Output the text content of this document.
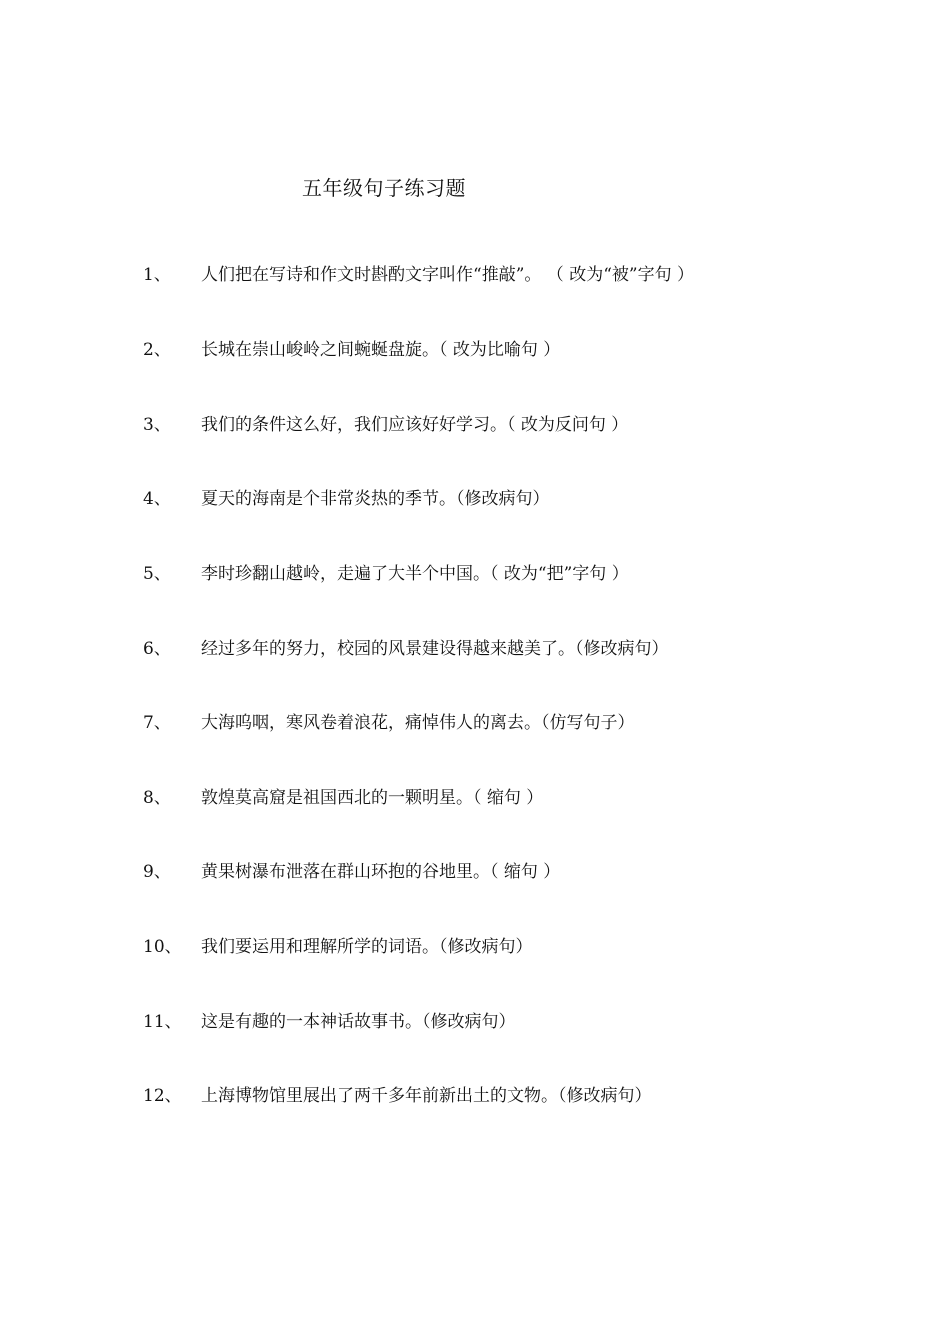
五年级句子练习题
1、 人们把在写诗和作文时斟酌文字叫作“推敲”。 （ 改为“被”字句 ）
2、 长城在崇山峻岭之间蜿蜒盘旋。（ 改为比喻句 ）
3、 我们的条件这么好，我们应该好好学习。（ 改为反问句 ）
4、 夏天的海南是个非常炎热的季节。（修改病句）
5、 李时珍翻山越岭，走遍了大半个中国。（ 改为“把”字句 ）
6、 经过多年的努力，校园的风景建设得越来越美了。（修改病句）
7、 大海呜咽，寒风卷着浪花，痛悼伟人的离去。（仿写句子）
8、 敦煌莫高窟是祖国西北的一颗明星。（ 缩句 ）
9、 黄果树瀑布泄落在群山环抱的谷地里。（ 缩句 ）
10、 我们要运用和理解所学的词语。（修改病句）
11、 这是有趣的一本神话故事书。（修改病句）
12、 上海博物馆里展出了两千多年前新出土的文物。（修改病句）
